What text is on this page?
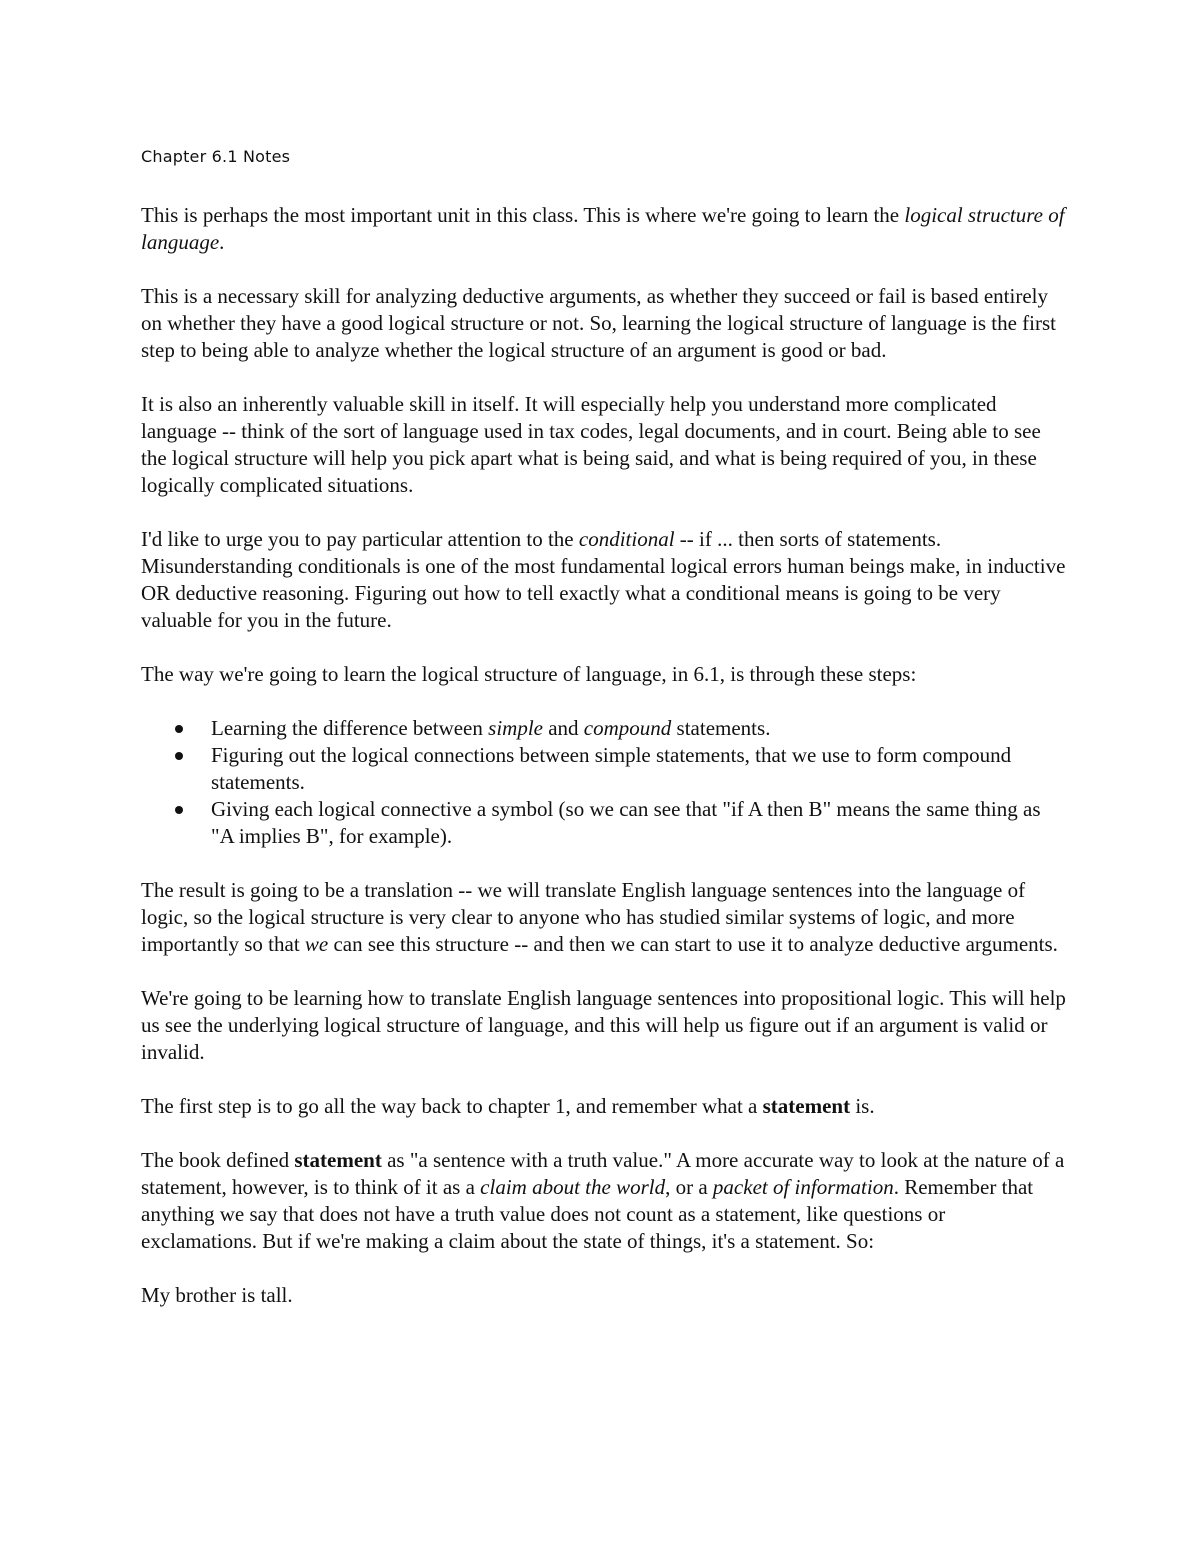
Chapter 6.1 Notes

This is perhaps the most important unit in this class. This is where we're going to learn the logical structure of language.

This is a necessary skill for analyzing deductive arguments, as whether they succeed or fail is based entirely on whether they have a good logical structure or not. So, learning the logical structure of language is the first step to being able to analyze whether the logical structure of an argument is good or bad.

It is also an inherently valuable skill in itself. It will especially help you understand more complicated language -- think of the sort of language used in tax codes, legal documents, and in court. Being able to see the logical structure will help you pick apart what is being said, and what is being required of you, in these logically complicated situations.

I'd like to urge you to pay particular attention to the conditional -- if ... then sorts of statements. Misunderstanding conditionals is one of the most fundamental logical errors human beings make, in inductive OR deductive reasoning. Figuring out how to tell exactly what a conditional means is going to be very valuable for you in the future.

The way we're going to learn the logical structure of language, in 6.1, is through these steps:

Learning the difference between simple and compound statements.
Figuring out the logical connections between simple statements, that we use to form compound statements.
Giving each logical connective a symbol (so we can see that "if A then B" means the same thing as "A implies B", for example).

The result is going to be a translation -- we will translate English language sentences into the language of logic, so the logical structure is very clear to anyone who has studied similar systems of logic, and more importantly so that we can see this structure -- and then we can start to use it to analyze deductive arguments.

We're going to be learning how to translate English language sentences into propositional logic. This will help us see the underlying logical structure of language, and this will help us figure out if an argument is valid or invalid.

The first step is to go all the way back to chapter 1, and remember what a statement is.

The book defined statement as "a sentence with a truth value." A more accurate way to look at the nature of a statement, however, is to think of it as a claim about the world, or a packet of information. Remember that anything we say that does not have a truth value does not count as a statement, like questions or exclamations. But if we're making a claim about the state of things, it's a statement. So:

My brother is tall.
